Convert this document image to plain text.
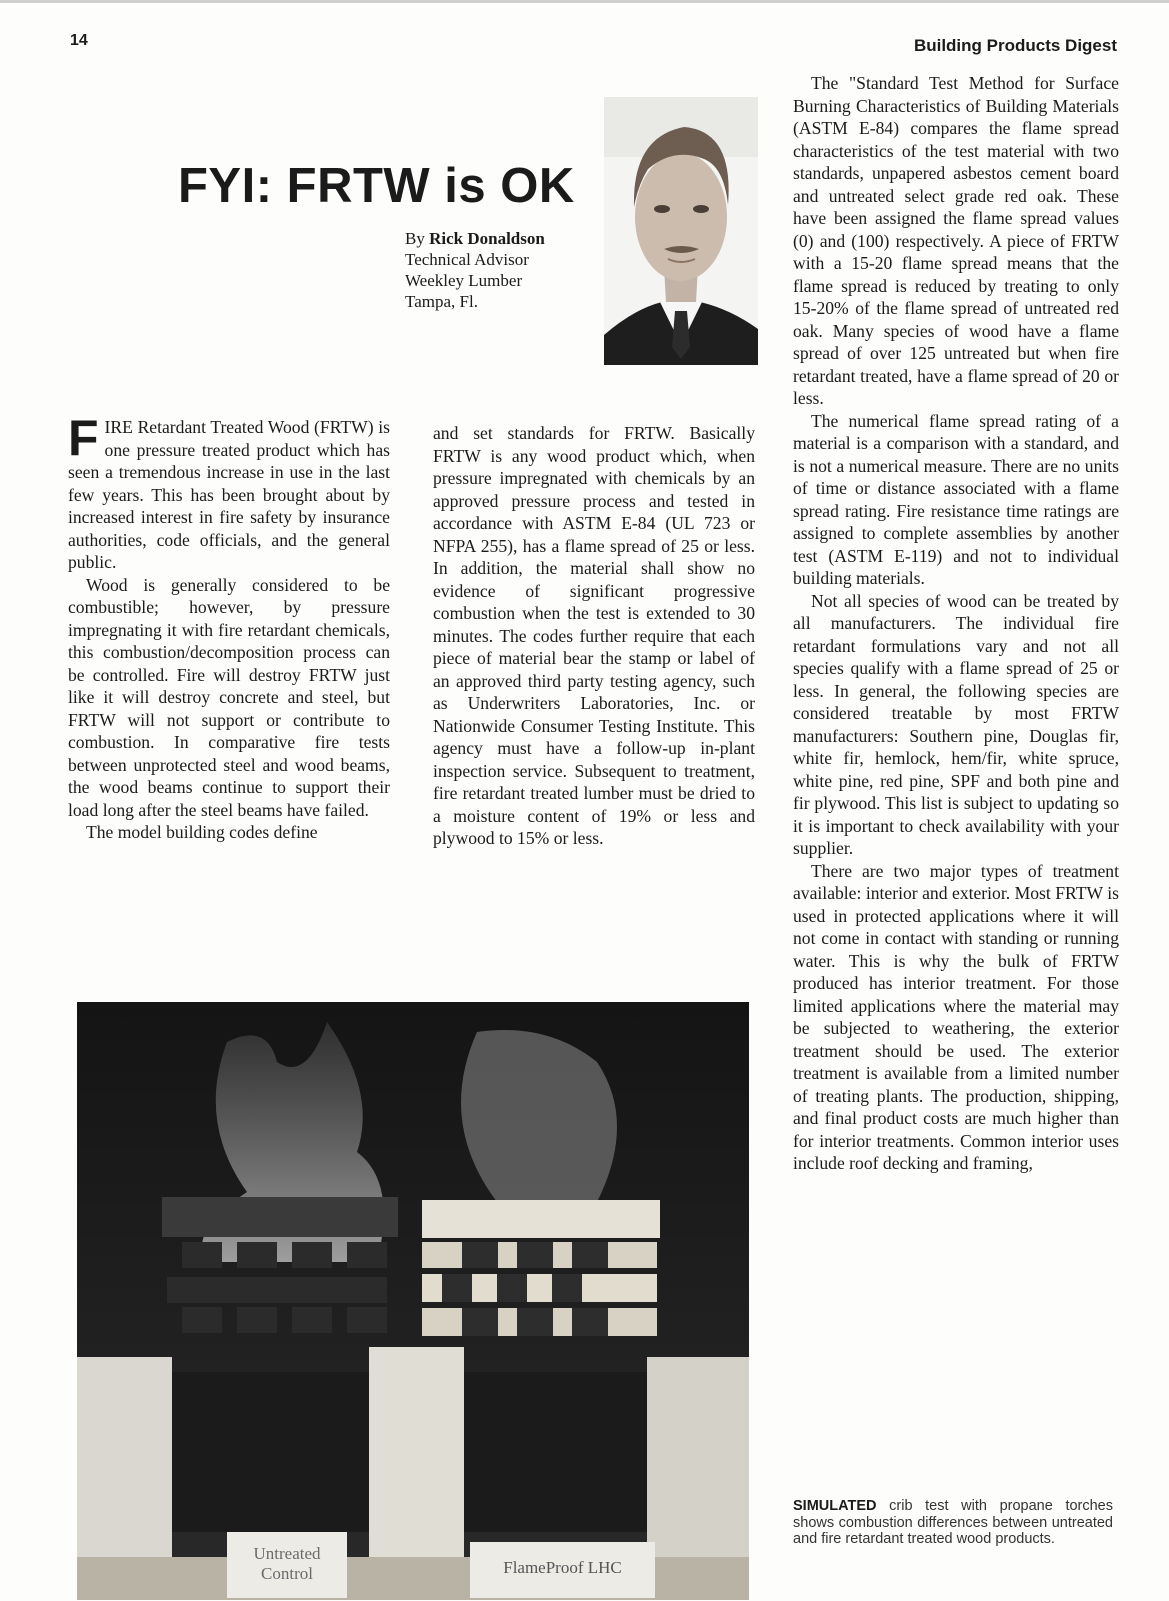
14	Building Products Digest
FYI: FRTW is OK
By Rick Donaldson
Technical Advisor
Weekley Lumber
Tampa, Fl.

FIRE Retardant Treated Wood (FRTW) is one pressure treated product which has seen a tremendous increase in use in the last few years. This has been brought about by increased interest in fire safety by insurance authorities, code officials, and the general public.

Wood is generally considered to be combustible; however, by pressure impregnating it with fire retardant chemicals, this combustion/decomposition process can be controlled. Fire will destroy FRTW just like it will destroy concrete and steel, but FRTW will not support or contribute to combustion. In comparative fire tests between unprotected steel and wood beams, the wood beams continue to support their load long after the steel beams have failed.

The model building codes define

and set standards for FRTW. Basically FRTW is any wood product which, when pressure impregnated with chemicals by an approved pressure process and tested in accordance with ASTM E-84 (UL 723 or NFPA 255), has a flame spread of 25 or less. In addition, the material shall show no evidence of significant progressive combustion when the test is extended to 30 minutes. The codes further require that each piece of material bear the stamp or label of an approved third party testing agency, such as Underwriters Laboratories, Inc. or Nationwide Consumer Testing Institute. This agency must have a follow-up in-plant inspection service. Subsequent to treatment, fire retardant treated lumber must be dried to a moisture content of 19% or less and plywood to 15% or less.

The "Standard Test Method for Surface Burning Characteristics of Building Materials (ASTM E-84) compares the flame spread characteristics of the test material with two standards, unpapered asbestos cement board and untreated select grade red oak. These have been assigned the flame spread values (0) and (100) respectively. A piece of FRTW with a 15-20 flame spread means that the flame spread is reduced by treating to only 15-20% of the flame spread of untreated red oak. Many species of wood have a flame spread of over 125 untreated but when fire retardant treated, have a flame spread of 20 or less.

The numerical flame spread rating of a material is a comparison with a standard, and is not a numerical measure. There are no units of time or distance associated with a flame spread rating. Fire resistance time ratings are assigned to complete assemblies by another test (ASTM E-119) and not to individual building materials.

Not all species of wood can be treated by all manufacturers. The individual fire retardant formulations vary and not all species qualify with a flame spread of 25 or less. In general, the following species are considered treatable by most FRTW manufacturers: Southern pine, Douglas fir, white fir, hemlock, hem/fir, white spruce, white pine, red pine, SPF and both pine and fir plywood. This list is subject to updating so it is important to check availability with your supplier.

There are two major types of treatment available: interior and exterior. Most FRTW is used in protected applications where it will not come in contact with standing or running water. This is why the bulk of FRTW produced has interior treatment. For those limited applications where the material may be subjected to weathering, the exterior treatment should be used. The exterior treatment is available from a limited number of treating plants. The production, shipping, and final product costs are much higher than for interior treatments. Common interior uses include roof decking and framing,

Untreated
Control	FlameProof LHC
SIMULATED crib test with propane torches shows combustion differences between untreated and fire retardant treated wood products.
